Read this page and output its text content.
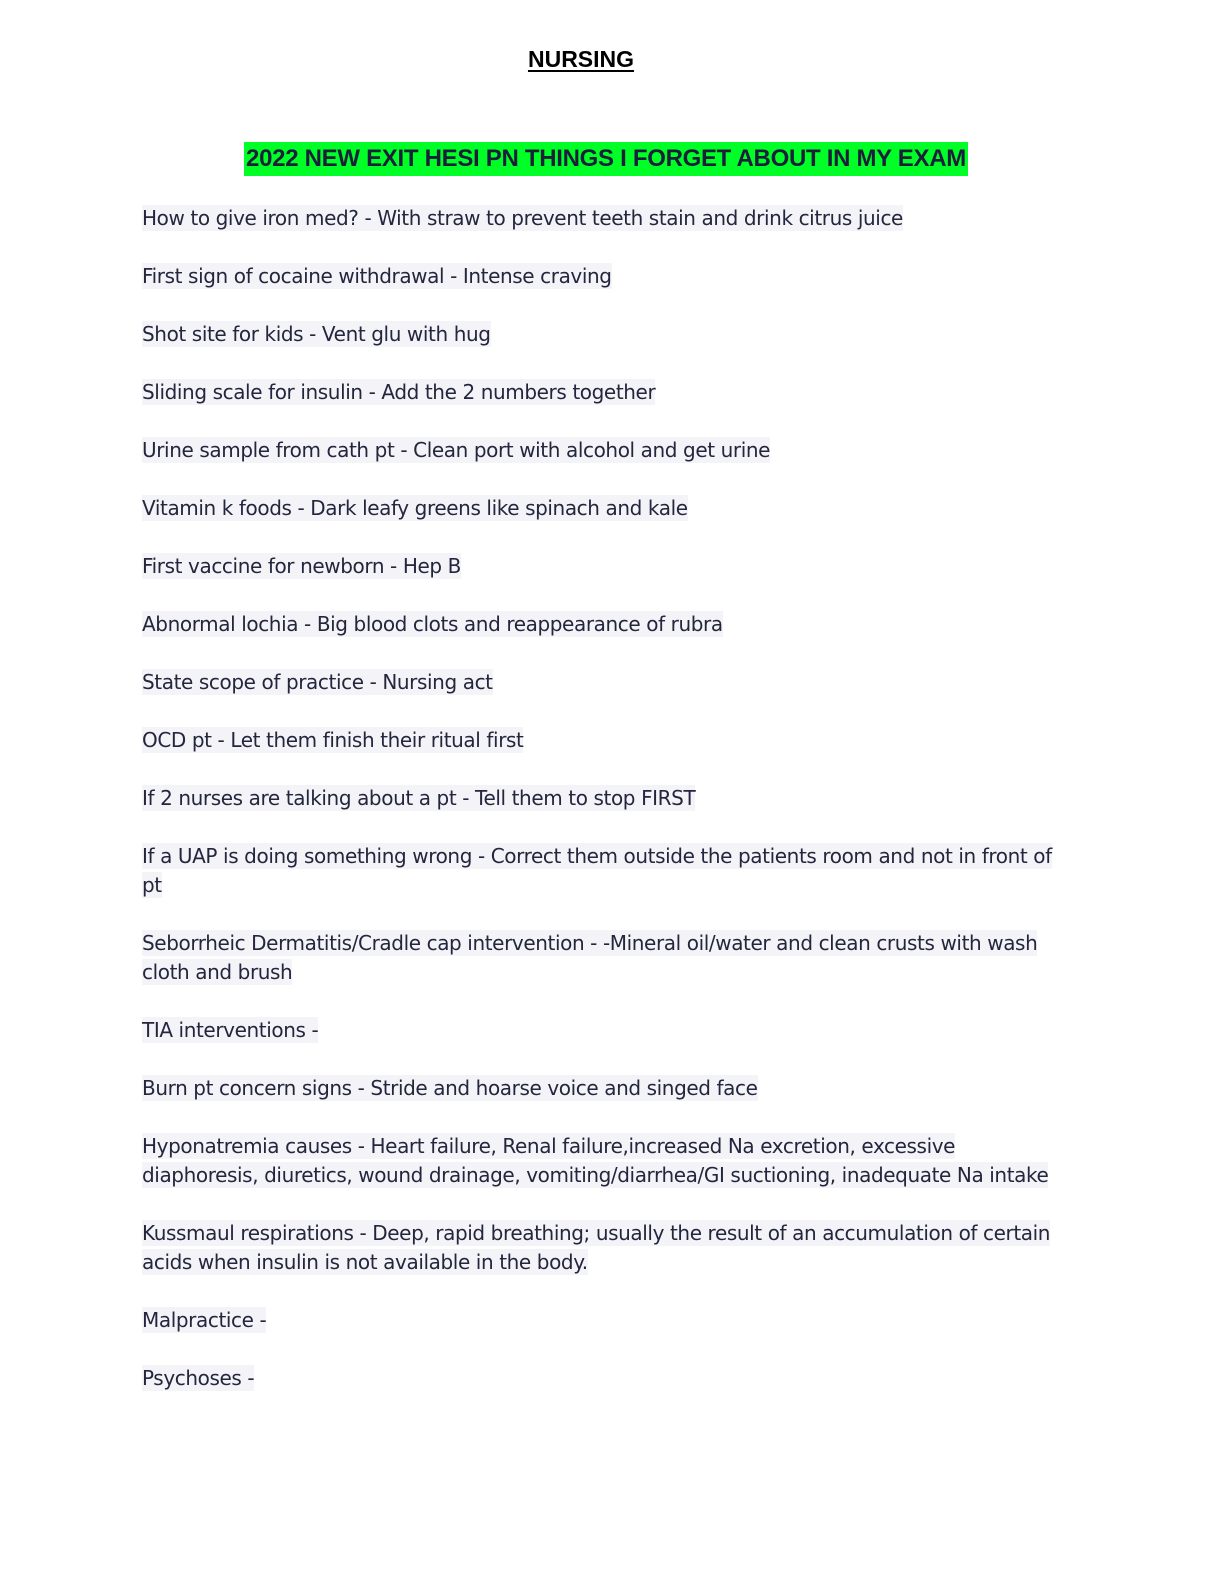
NURSING
2022 NEW EXIT HESI PN THINGS I FORGET ABOUT IN MY EXAM
How to give iron med? - With straw to prevent teeth stain and drink citrus juice
First sign of cocaine withdrawal - Intense craving
Shot site for kids - Vent glu with hug
Sliding scale for insulin - Add the 2 numbers together
Urine sample from cath pt - Clean port with alcohol and get urine
Vitamin k foods - Dark leafy greens like spinach and kale
First vaccine for newborn - Hep B
Abnormal lochia - Big blood clots and reappearance of rubra
State scope of practice - Nursing act
OCD pt - Let them finish their ritual first
If 2 nurses are talking about a pt - Tell them to stop FIRST
If a UAP is doing something wrong - Correct them outside the patients room and not in front of pt
Seborrheic Dermatitis/Cradle cap intervention - -Mineral oil/water and clean crusts with wash cloth and brush
TIA interventions -
Burn pt concern signs - Stride and hoarse voice and singed face
Hyponatremia causes - Heart failure, Renal failure,increased Na excretion, excessive diaphoresis, diuretics, wound drainage, vomiting/diarrhea/GI suctioning, inadequate Na intake
Kussmaul respirations - Deep, rapid breathing; usually the result of an accumulation of certain acids when insulin is not available in the body.
Malpractice -
Psychoses -
